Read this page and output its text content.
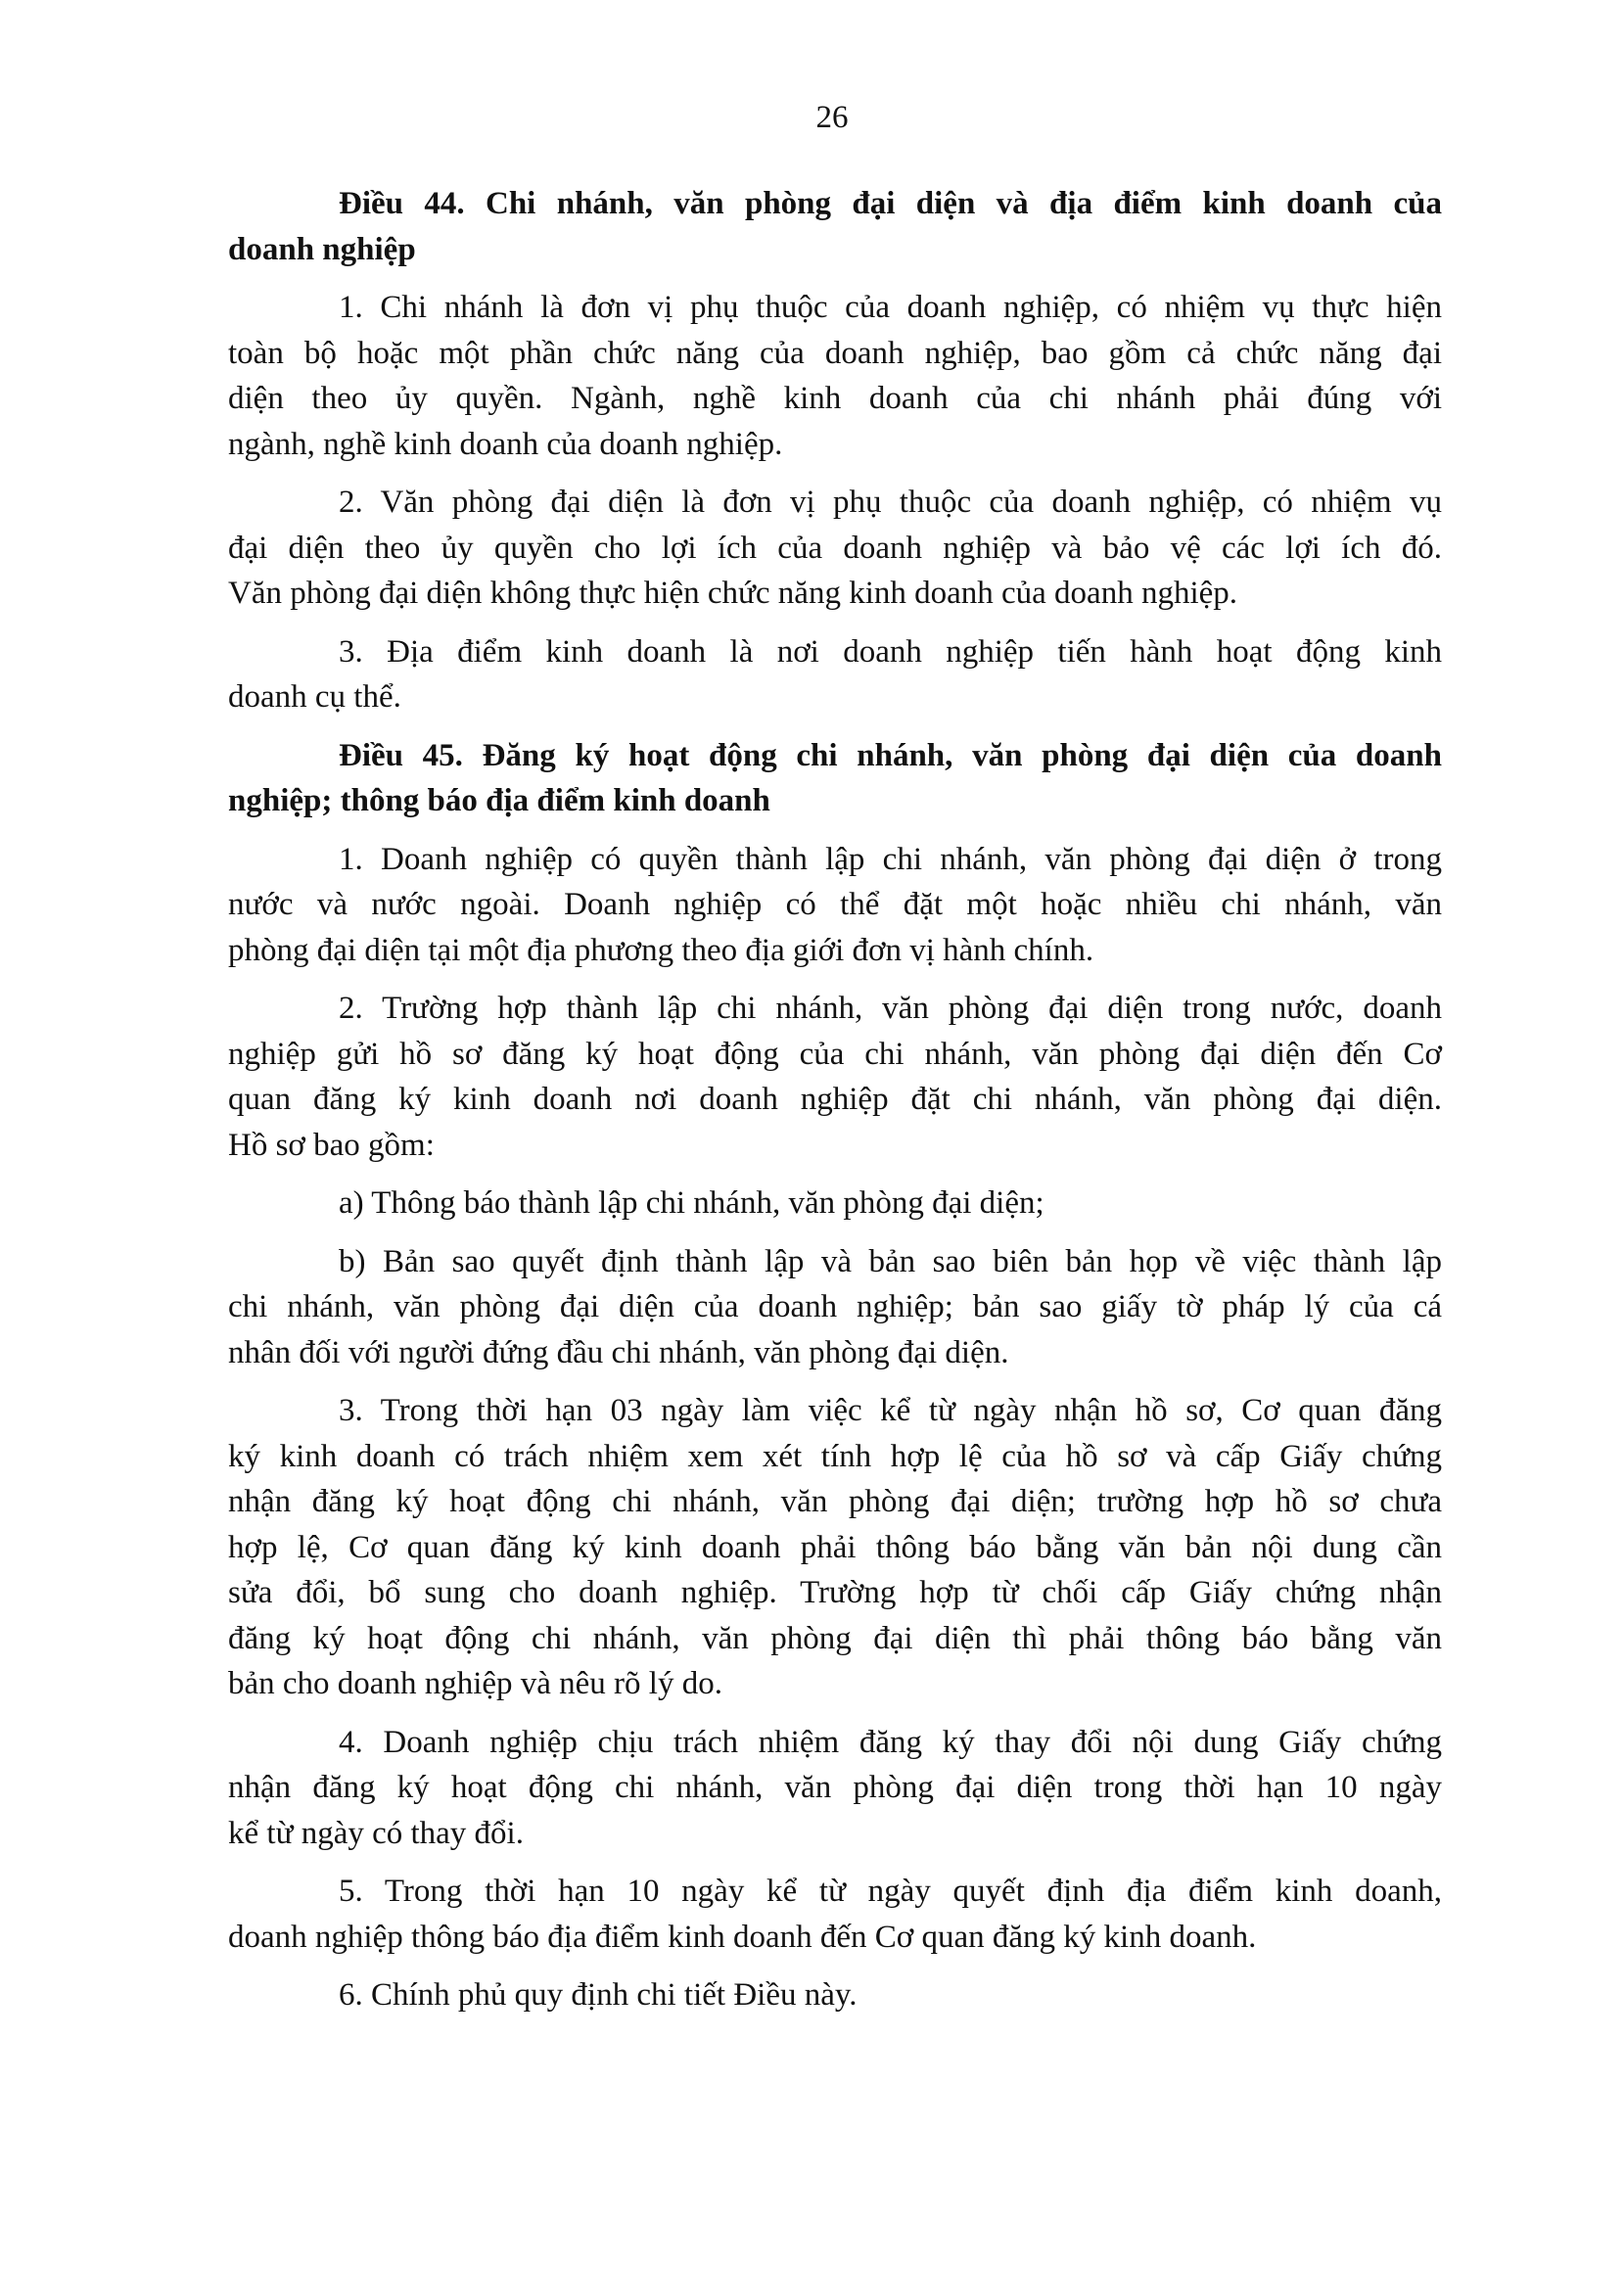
26
Điều 44. Chi nhánh, văn phòng đại diện và địa điểm kinh doanh của
doanh nghiệp
1. Chi nhánh là đơn vị phụ thuộc của doanh nghiệp, có nhiệm vụ thực hiện
toàn bộ hoặc một phần chức năng của doanh nghiệp, bao gồm cả chức năng đại
diện theo ủy quyền. Ngành, nghề kinh doanh của chi nhánh phải đúng với
ngành, nghề kinh doanh của doanh nghiệp.
2. Văn phòng đại diện là đơn vị phụ thuộc của doanh nghiệp, có nhiệm vụ
đại diện theo ủy quyền cho lợi ích của doanh nghiệp và bảo vệ các lợi ích đó.
Văn phòng đại diện không thực hiện chức năng kinh doanh của doanh nghiệp.
3. Địa điểm kinh doanh là nơi doanh nghiệp tiến hành hoạt động kinh
doanh cụ thể.
Điều 45. Đăng ký hoạt động chi nhánh, văn phòng đại diện của doanh
nghiệp; thông báo địa điểm kinh doanh
1. Doanh nghiệp có quyền thành lập chi nhánh, văn phòng đại diện ở trong
nước và nước ngoài. Doanh nghiệp có thể đặt một hoặc nhiều chi nhánh, văn
phòng đại diện tại một địa phương theo địa giới đơn vị hành chính.
2. Trường hợp thành lập chi nhánh, văn phòng đại diện trong nước, doanh
nghiệp gửi hồ sơ đăng ký hoạt động của chi nhánh, văn phòng đại diện đến Cơ
quan đăng ký kinh doanh nơi doanh nghiệp đặt chi nhánh, văn phòng đại diện.
Hồ sơ bao gồm:
a) Thông báo thành lập chi nhánh, văn phòng đại diện;
b) Bản sao quyết định thành lập và bản sao biên bản họp về việc thành lập
chi nhánh, văn phòng đại diện của doanh nghiệp; bản sao giấy tờ pháp lý của cá
nhân đối với người đứng đầu chi nhánh, văn phòng đại diện.
3. Trong thời hạn 03 ngày làm việc kể từ ngày nhận hồ sơ, Cơ quan đăng
ký kinh doanh có trách nhiệm xem xét tính hợp lệ của hồ sơ và cấp Giấy chứng
nhận đăng ký hoạt động chi nhánh, văn phòng đại diện; trường hợp hồ sơ chưa
hợp lệ, Cơ quan đăng ký kinh doanh phải thông báo bằng văn bản nội dung cần
sửa đổi, bổ sung cho doanh nghiệp. Trường hợp từ chối cấp Giấy chứng nhận
đăng ký hoạt động chi nhánh, văn phòng đại diện thì phải thông báo bằng văn
bản cho doanh nghiệp và nêu rõ lý do.
4. Doanh nghiệp chịu trách nhiệm đăng ký thay đổi nội dung Giấy chứng
nhận đăng ký hoạt động chi nhánh, văn phòng đại diện trong thời hạn 10 ngày
kể từ ngày có thay đổi.
5. Trong thời hạn 10 ngày kể từ ngày quyết định địa điểm kinh doanh,
doanh nghiệp thông báo địa điểm kinh doanh đến Cơ quan đăng ký kinh doanh.
6. Chính phủ quy định chi tiết Điều này.
